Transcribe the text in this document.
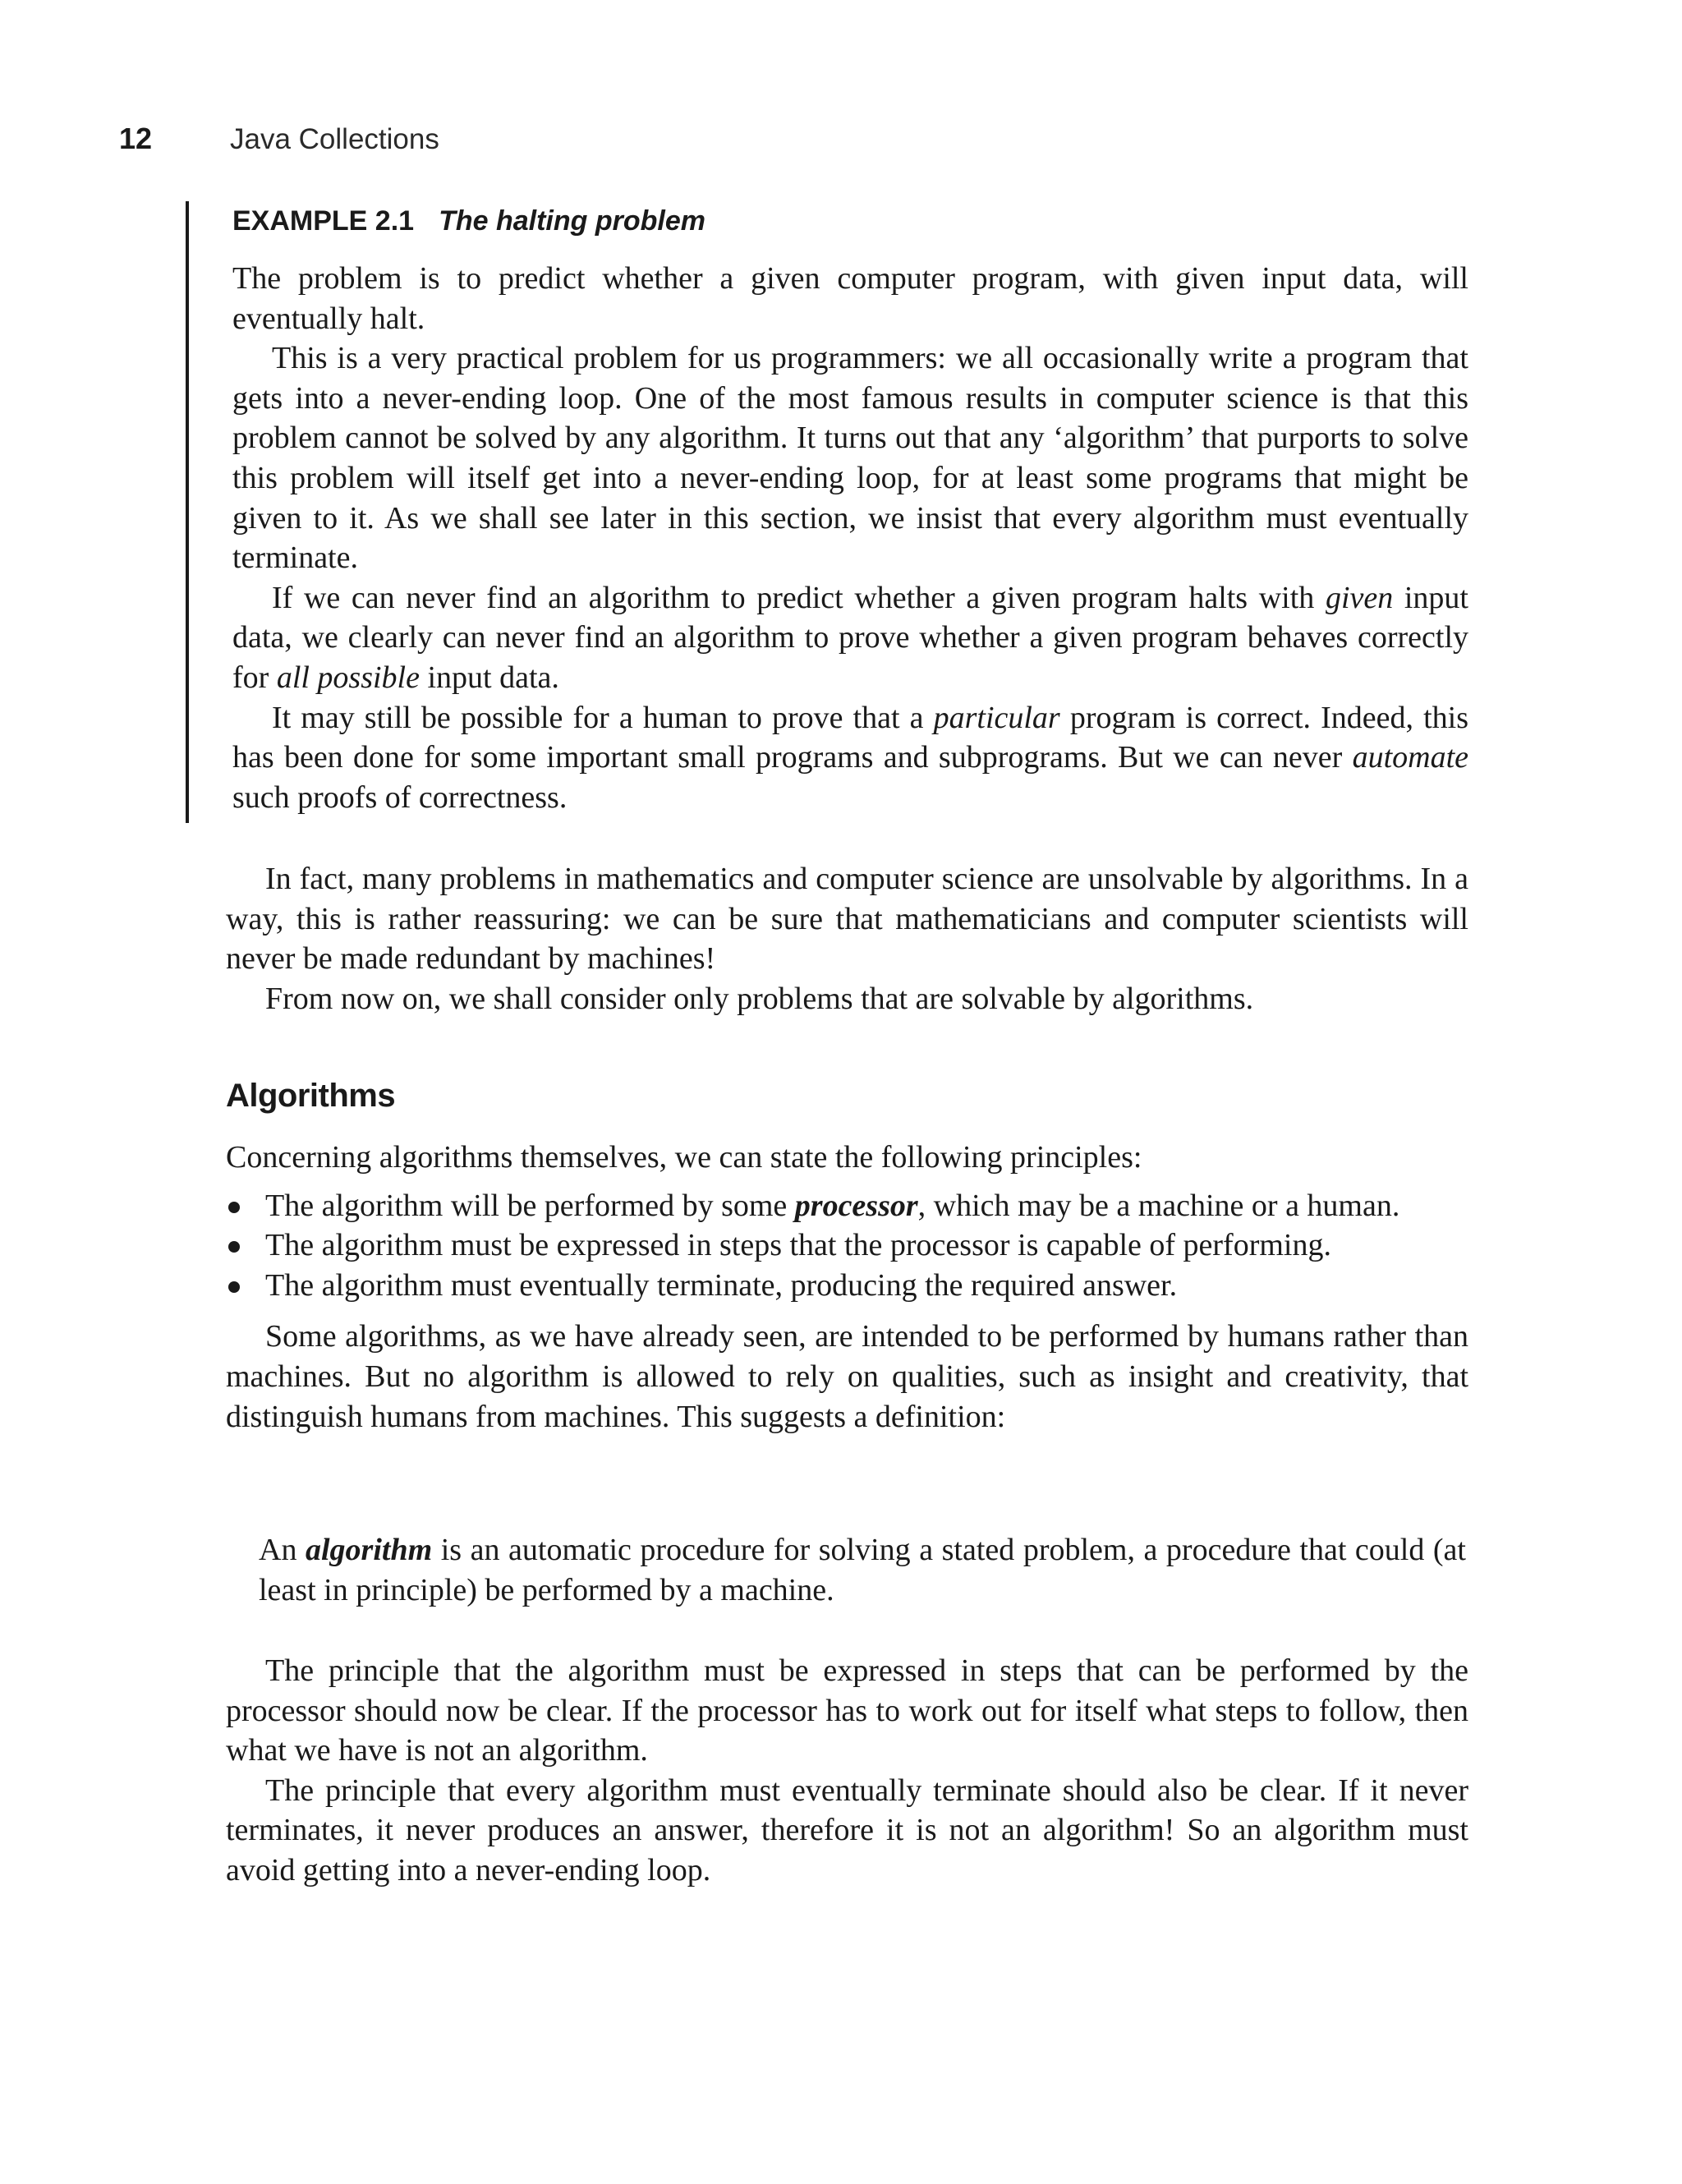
12	Java Collections
EXAMPLE 2.1 The halting problem

The problem is to predict whether a given computer program, with given input data, will eventually halt.

This is a very practical problem for us programmers: we all occasionally write a program that gets into a never-ending loop. One of the most famous results in computer science is that this problem cannot be solved by any algorithm. It turns out that any ‘algorithm’ that purports to solve this problem will itself get into a never-ending loop, for at least some programs that might be given to it. As we shall see later in this section, we insist that every algorithm must eventually terminate.

If we can never find an algorithm to predict whether a given program halts with given input data, we clearly can never find an algorithm to prove whether a given program behaves correctly for all possible input data.

It may still be possible for a human to prove that a particular program is correct. Indeed, this has been done for some important small programs and subprograms. But we can never automate such proofs of correctness.

In fact, many problems in mathematics and computer science are unsolvable by algorithms. In a way, this is rather reassuring: we can be sure that mathematicians and computer scientists will never be made redundant by machines!

From now on, we shall consider only problems that are solvable by algorithms.

Algorithms

Concerning algorithms themselves, we can state the following principles:

The algorithm will be performed by some processor, which may be a machine or a human.
The algorithm must be expressed in steps that the processor is capable of performing.
The algorithm must eventually terminate, producing the required answer.

Some algorithms, as we have already seen, are intended to be performed by humans rather than machines. But no algorithm is allowed to rely on qualities, such as insight and creativity, that distinguish humans from machines. This suggests a definition:

An algorithm is an automatic procedure for solving a stated problem, a procedure that could (at least in principle) be performed by a machine.

The principle that the algorithm must be expressed in steps that can be performed by the processor should now be clear. If the processor has to work out for itself what steps to follow, then what we have is not an algorithm.

The principle that every algorithm must eventually terminate should also be clear. If it never terminates, it never produces an answer, therefore it is not an algorithm! So an algorithm must avoid getting into a never-ending loop.
